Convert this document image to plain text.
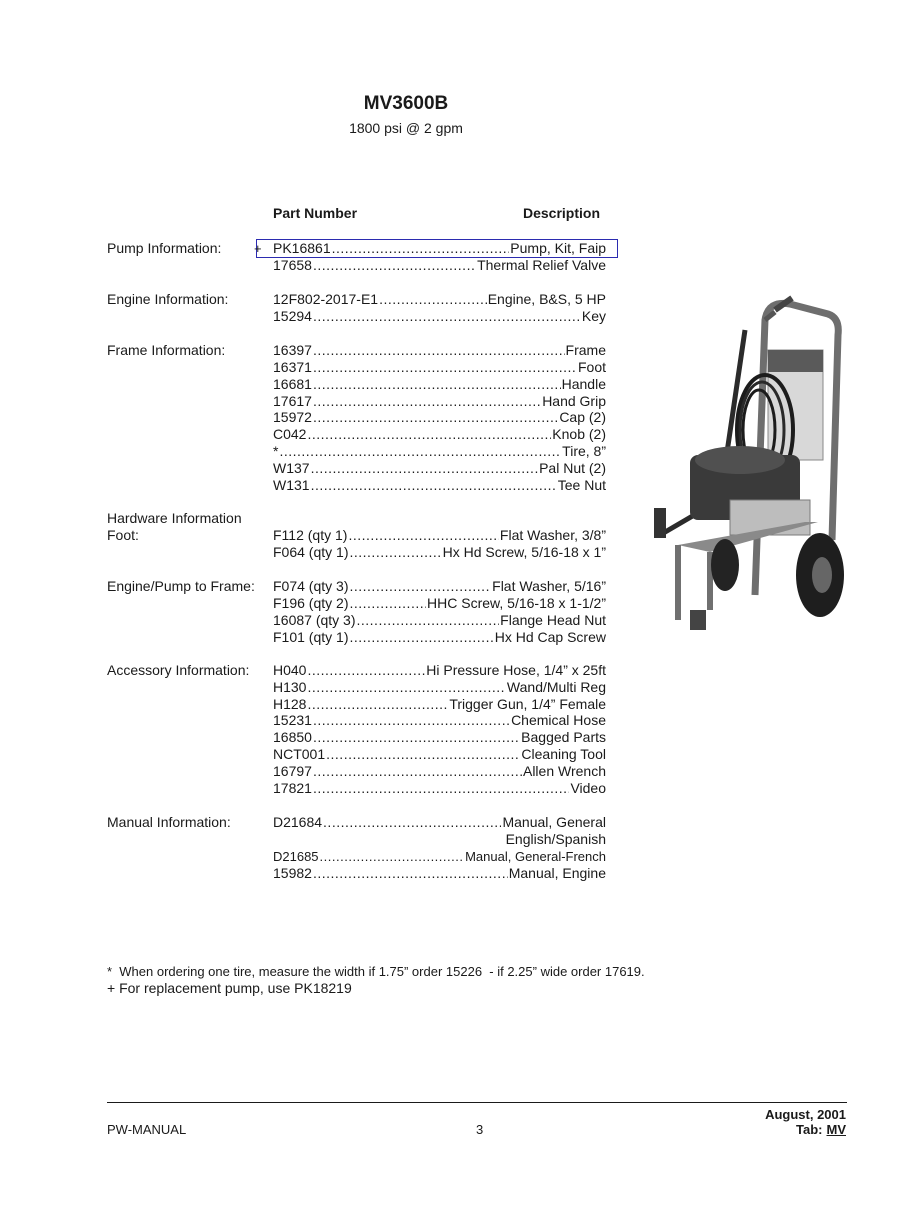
MV3600B
1800 psi @ 2 gpm
Part Number	Description
Pump Information:	+ PK16861 .....	Pump, Kit, Faip
17658 .....	Thermal Relief Valve
Engine Information:	12F802-2017-E1 .....	Engine, B&S, 5 HP
15294 .....	Key
Frame Information:	16397 .....	Frame
16371 .....	Foot
16681 .....	Handle
17617 .....	Hand Grip
15972 .....	Cap (2)
C042 .....	Knob (2)
* .....	Tire, 8”
W137 .....	Pal Nut (2)
W131 .....	Tee Nut
Hardware Information
Foot:	F112 (qty 1) .....	Flat Washer, 3/8”
F064 (qty 1) .....	Hx Hd Screw, 5/16-18 x 1”
Engine/Pump to Frame: F074 (qty 3) .....	Flat Washer, 5/16”
F196 (qty 2) .....	HHC Screw, 5/16-18 x 1-1/2”
16087 (qty 3) .....	Flange Head Nut
F101 (qty 1) .....	Hx Hd Cap Screw
Accessory Information: H040 .....	Hi Pressure Hose, 1/4” x 25ft
H130 .....	Wand/Multi Reg
H128 .....	Trigger Gun, 1/4” Female
15231 .....	Chemical Hose
16850 .....	Bagged Parts
NCT001 .....	Cleaning Tool
16797 .....	Allen Wrench
17821 .....	Video
Manual Information:	D21684 .....	Manual, General
English/Spanish
D21685 .....	Manual, General-French
15982 .....	Manual, Engine
*  When ordering one tire, measure the width if 1.75” order 15226  - if 2.25” wide order 17619.
+ For replacement pump, use PK18219
PW-MANUAL	3
August, 2001
Tab: MV
